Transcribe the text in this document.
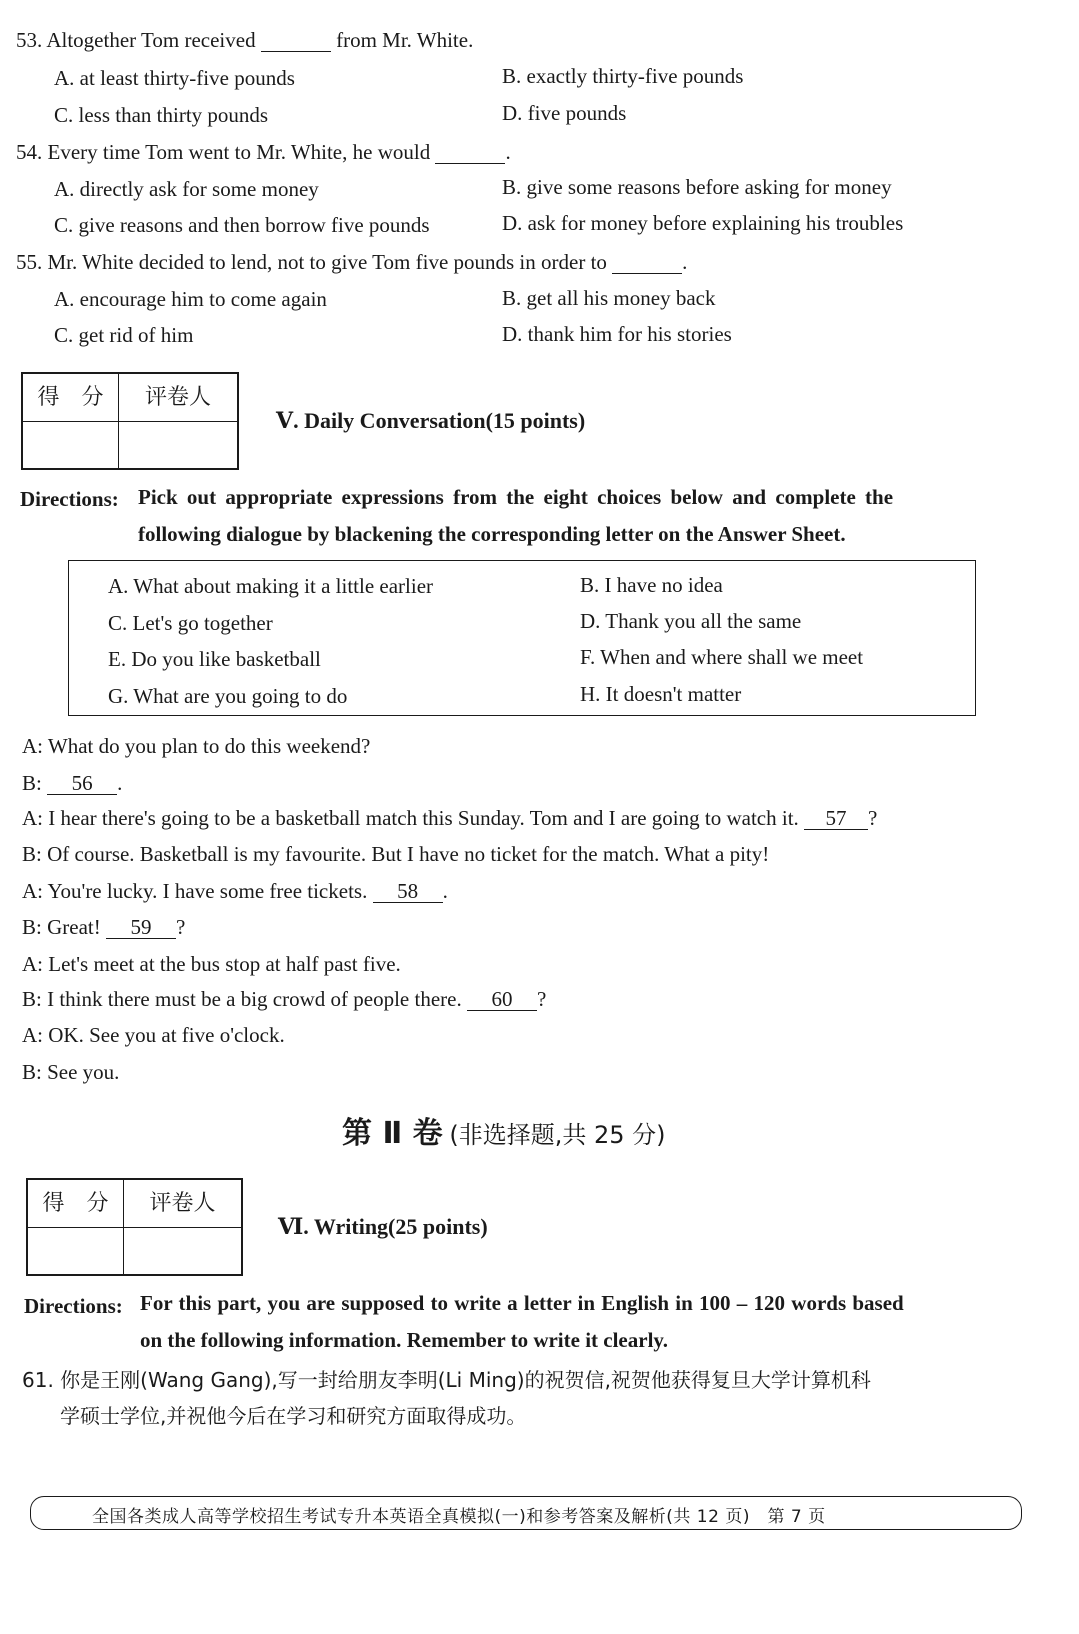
53. Altogether Tom received	from Mr. White.
A. at least thirty-five pounds	B. exactly thirty-five pounds
C. less than thirty pounds	D. five pounds
54. Every time Tom went to Mr. White, he would	.
A. directly ask for some money	B. give some reasons before asking for money
C. give reasons and then borrow five pounds	D. ask for money before explaining his troubles
55. Mr. White decided to lend, not to give Tom five pounds in order to	.
A. encourage him to come again	B. get all his money back
C. get rid of him	D. thank him for his stories
得　分	评卷人
Ⅴ. Daily Conversation(15 points)
Directions: Pick out appropriate expressions from the eight choices below and complete the
following dialogue by blackening the corresponding letter on the Answer Sheet.
A. What about making it a little earlier	B. I have no idea
C. Let's go together	D. Thank you all the same
E. Do you like basketball	F. When and where shall we meet
G. What are you going to do	H. It doesn't matter
A: What do you plan to do this weekend?
B: 56 .
A: I hear there's going to be a basketball match this Sunday. Tom and I are going to watch it. 57 ?
B: Of course. Basketball is my favourite. But I have no ticket for the match. What a pity!
A: You're lucky. I have some free tickets. 58 .
B: Great! 59 ?
A: Let's meet at the bus stop at half past five.
B: I think there must be a big crowd of people there. 60 ?
A: OK. See you at five o'clock.
B: See you.
第 Ⅱ 卷 (非选择题,共 25 分)
得　分	评卷人
Ⅵ. Writing(25 points)
Directions: For this part, you are supposed to write a letter in English in 100 – 120 words based
on the following information. Remember to write it clearly.
61. 你是王刚(Wang Gang),写一封给朋友李明(Li Ming)的祝贺信,祝贺他获得复旦大学计算机科
学硕士学位,并祝他今后在学习和研究方面取得成功。
全国各类成人高等学校招生考试专升本英语全真模拟(一)和参考答案及解析(共 12 页)　第 7 页
